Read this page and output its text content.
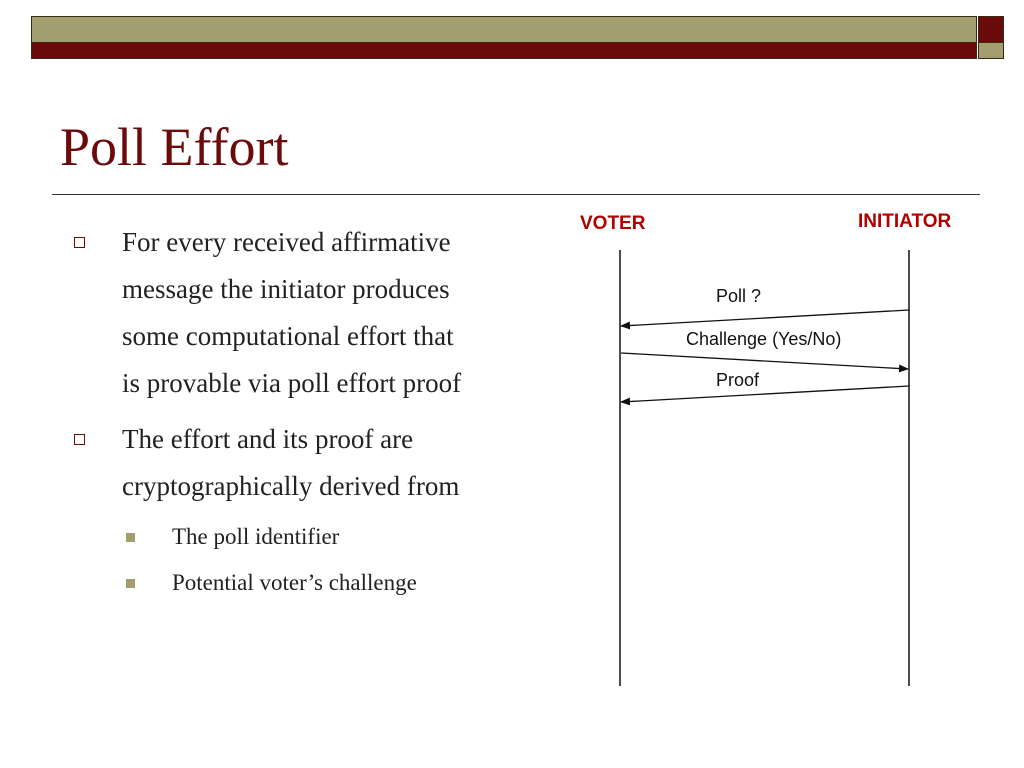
Poll Effort
For every received affirmative
message the initiator produces
some computational effort that
is provable via poll effort proof
The effort and its proof are
cryptographically derived from
The poll identifier
Potential voter’s challenge
VOTER	INITIATOR
Poll ?
Challenge (Yes/No)
Proof
